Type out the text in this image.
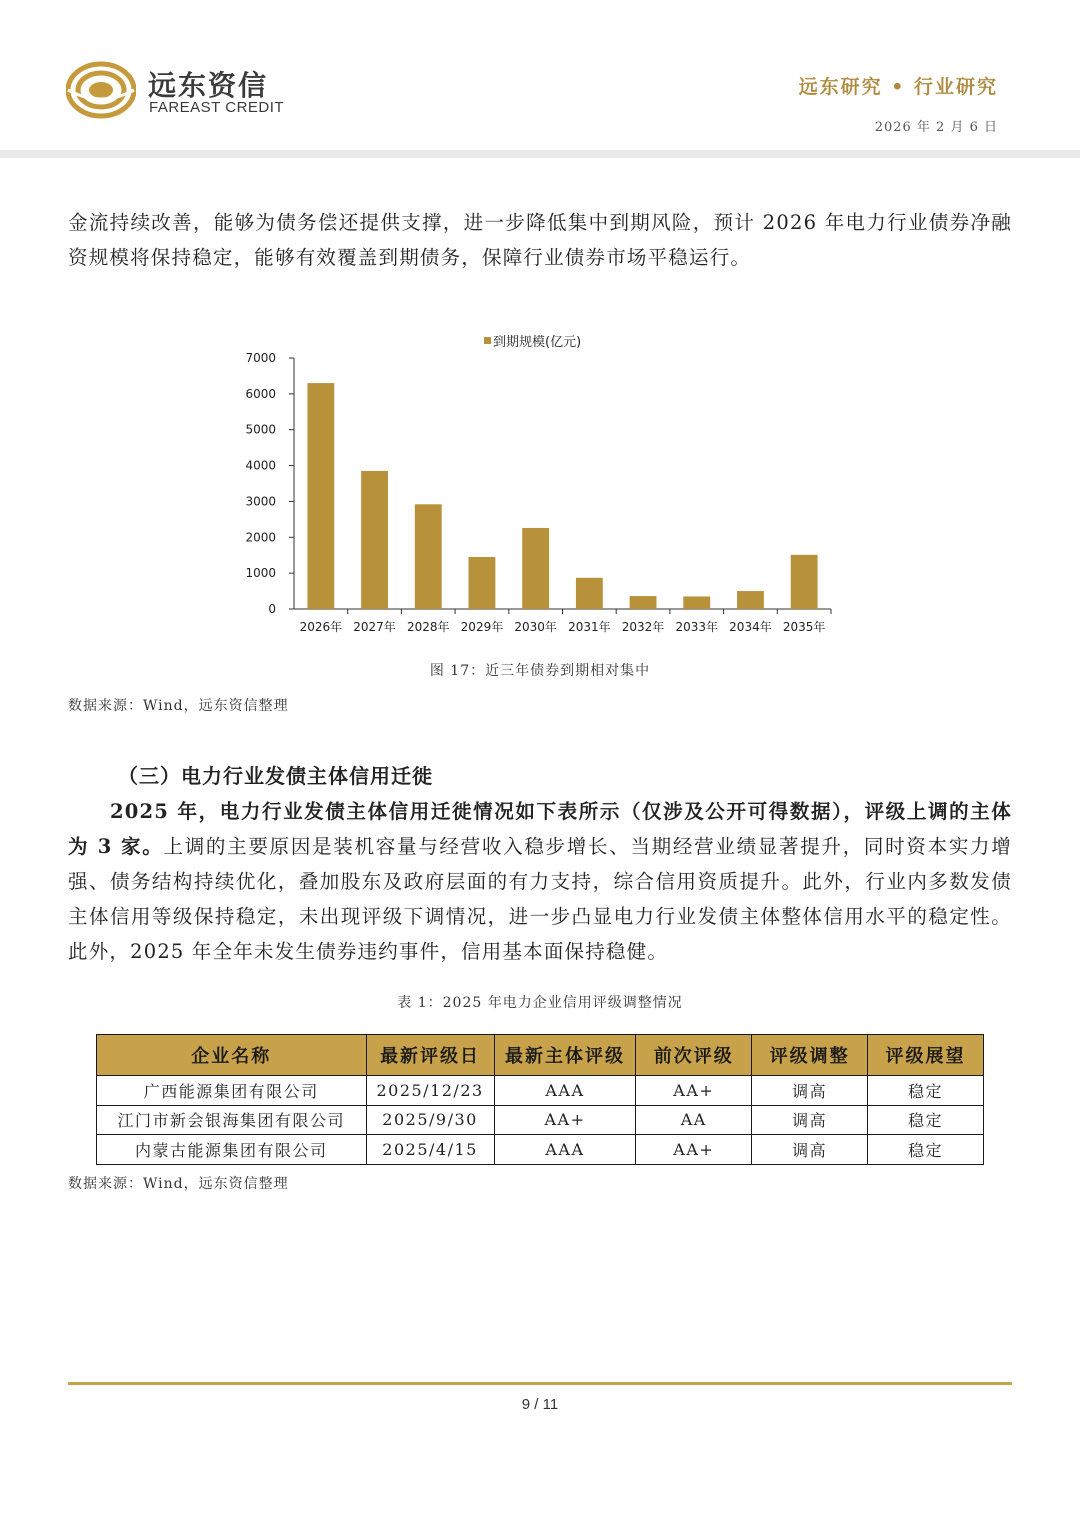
远东资信
FAREAST CREDIT
远东研究 • 行业研究
2026 年 2 月 6 日
金流持续改善，能够为债务偿还提供支撑，进一步降低集中到期风险，预计 2026 年电力行业债券净融资规模将保持稳定，能够有效覆盖到期债务，保障行业债券市场平稳运行。
到期规模(亿元)
0
1000
2000
3000
4000
5000
6000
7000
2026年 2027年 2028年 2029年 2030年 2031年 2032年 2033年 2034年 2035年
图 17：近三年债券到期相对集中
数据来源：Wind，远东资信整理
（三）电力行业发债主体信用迁徙
2025 年，电力行业发债主体信用迁徙情况如下表所示（仅涉及公开可得数据），评级上调的主体为 3 家。上调的主要原因是装机容量与经营收入稳步增长、当期经营业绩显著提升，同时资本实力增强、债务结构持续优化，叠加股东及政府层面的有力支持，综合信用资质提升。此外，行业内多数发债主体信用等级保持稳定，未出现评级下调情况，进一步凸显电力行业发债主体整体信用水平的稳定性。此外，2025 年全年未发生债券违约事件，信用基本面保持稳健。
表 1：2025 年电力企业信用评级调整情况
企业名称	最新评级日	最新主体评级	前次评级	评级调整	评级展望
广西能源集团有限公司	2025/12/23	AAA	AA+	调高	稳定
江门市新会银海集团有限公司	2025/9/30	AA+	AA	调高	稳定
内蒙古能源集团有限公司	2025/4/15	AAA	AA+	调高	稳定
数据来源：Wind，远东资信整理
9 / 11
